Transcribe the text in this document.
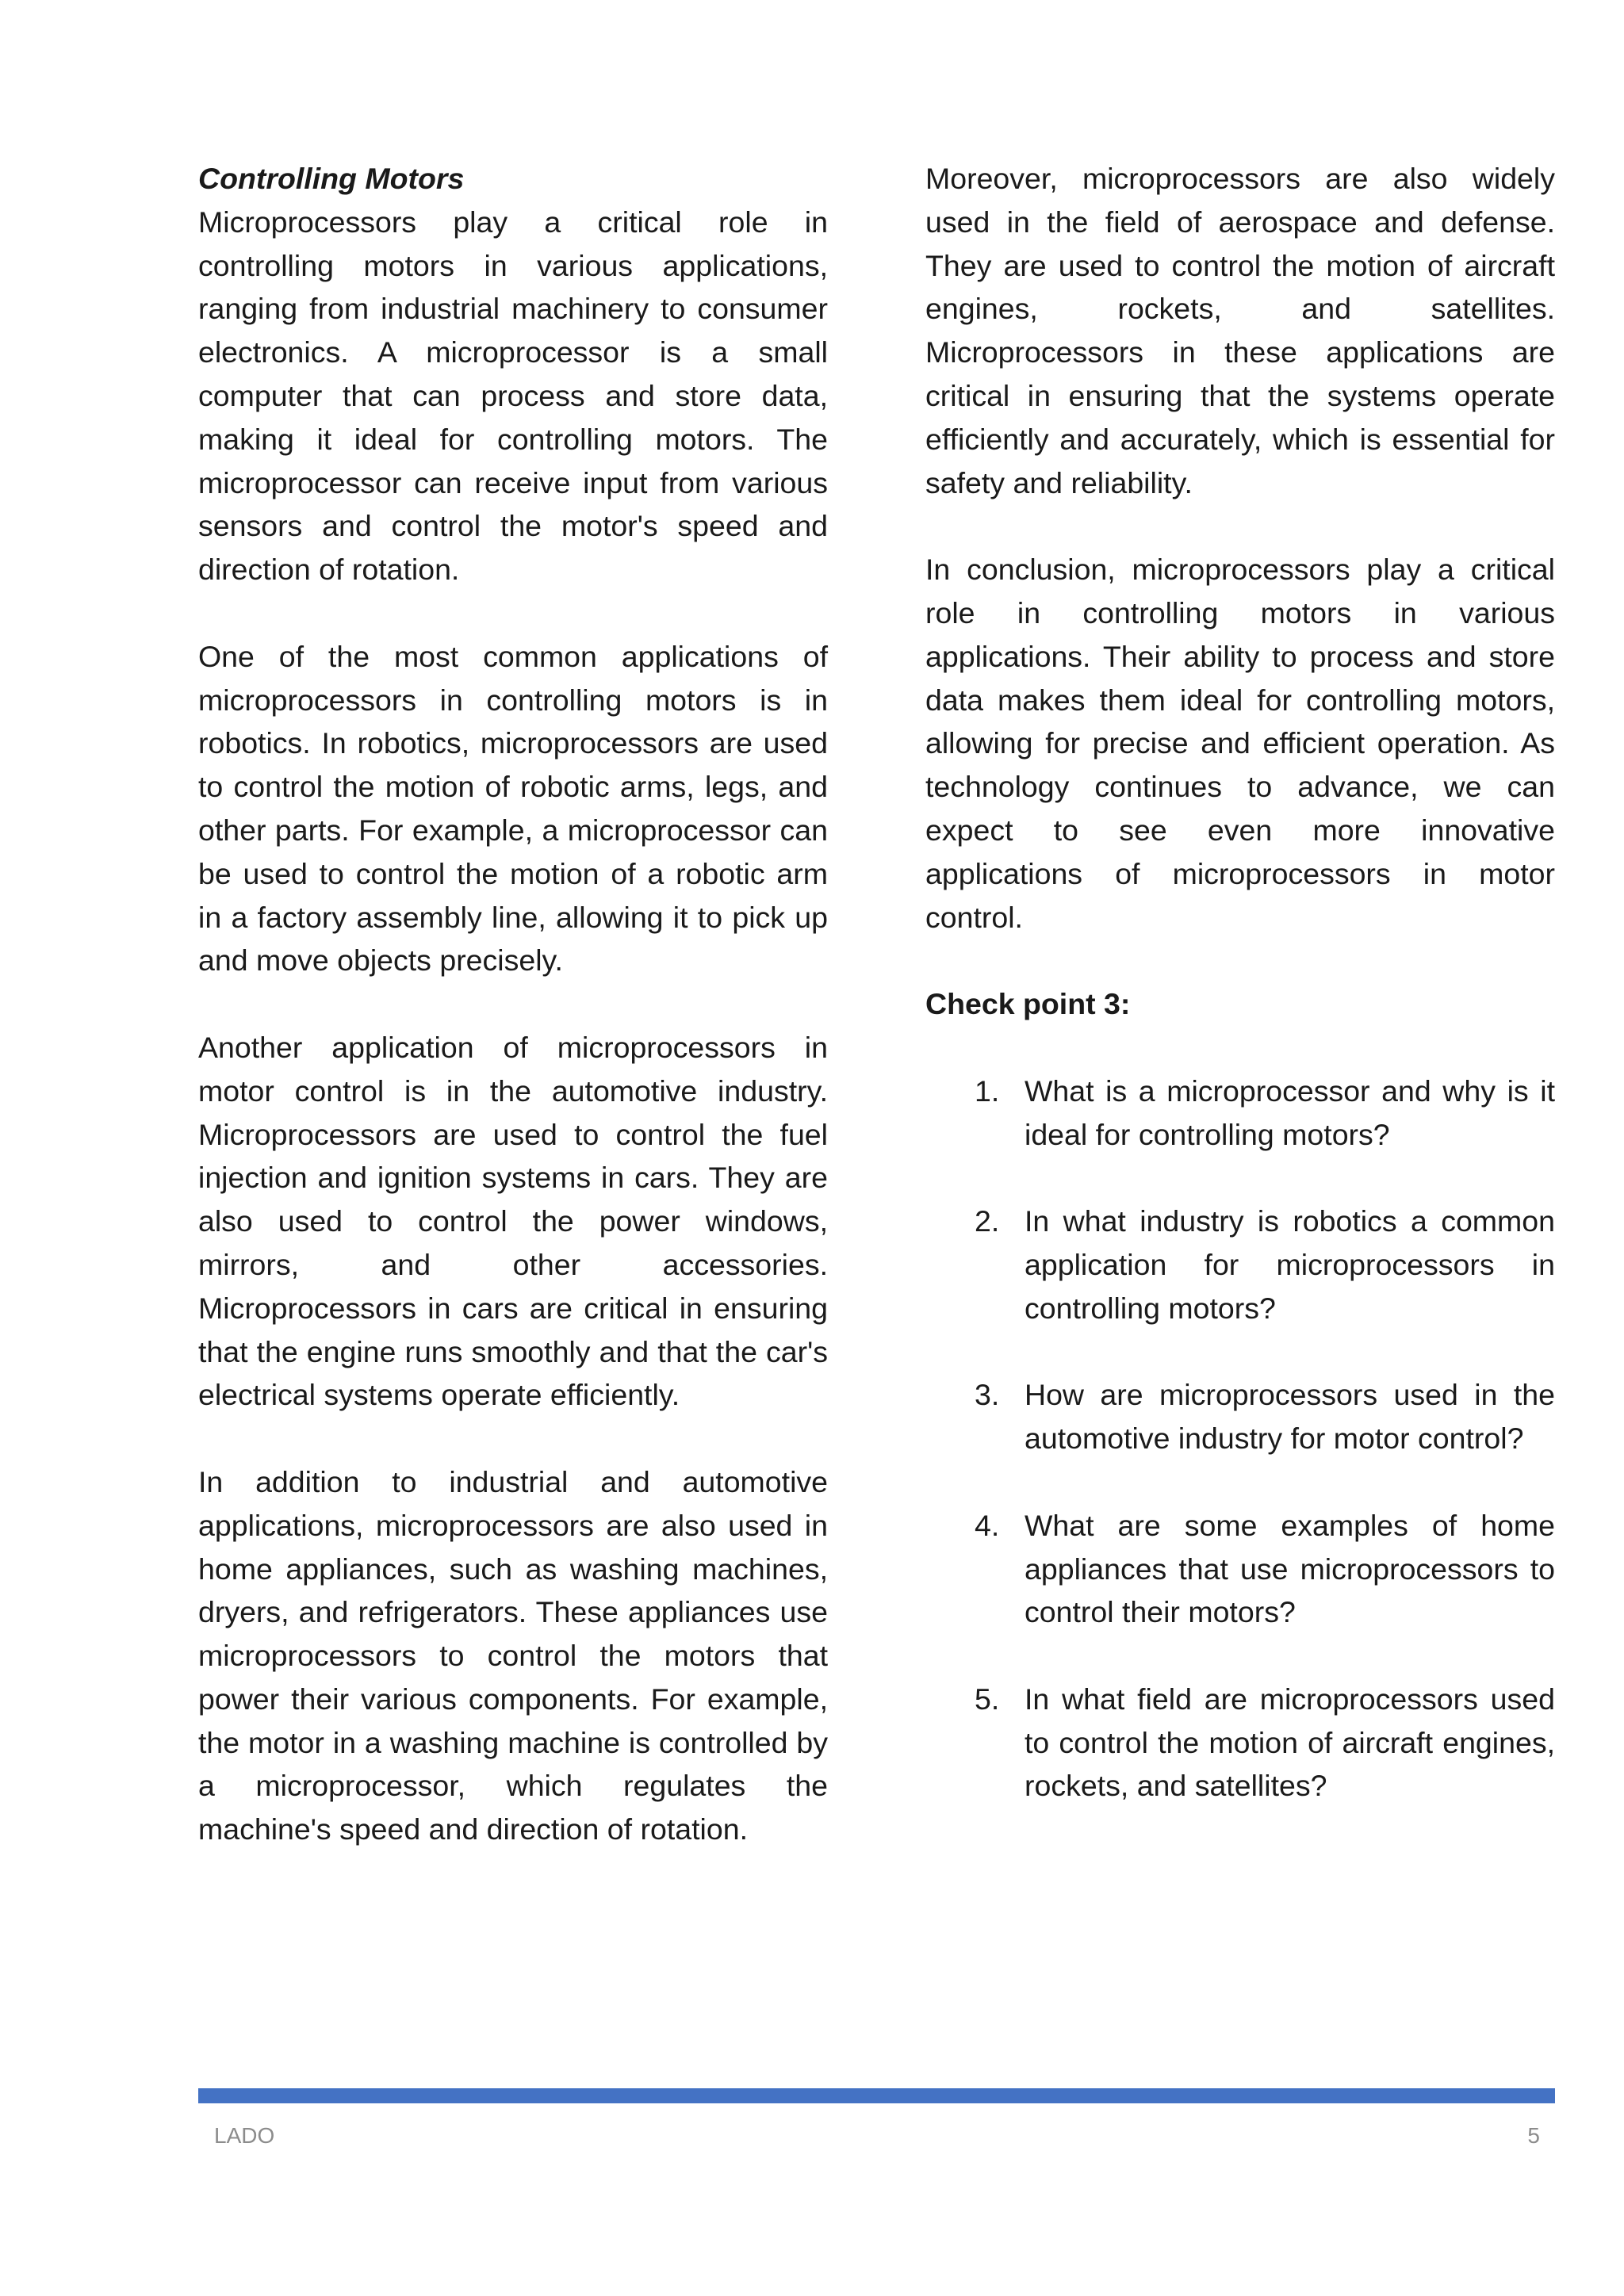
Controlling Motors

Microprocessors play a critical role in controlling motors in various applications, ranging from industrial machinery to consumer electronics. A microprocessor is a small computer that can process and store data, making it ideal for controlling motors. The microprocessor can receive input from various sensors and control the motor's speed and direction of rotation.

One of the most common applications of microprocessors in controlling motors is in robotics. In robotics, microprocessors are used to control the motion of robotic arms, legs, and other parts. For example, a microprocessor can be used to control the motion of a robotic arm in a factory assembly line, allowing it to pick up and move objects precisely.

Another application of microprocessors in motor control is in the automotive industry. Microprocessors are used to control the fuel injection and ignition systems in cars. They are also used to control the power windows, mirrors, and other accessories. Microprocessors in cars are critical in ensuring that the engine runs smoothly and that the car's electrical systems operate efficiently.

In addition to industrial and automotive applications, microprocessors are also used in home appliances, such as washing machines, dryers, and refrigerators. These appliances use microprocessors to control the motors that power their various components. For example, the motor in a washing machine is controlled by a microprocessor, which regulates the machine's speed and direction of rotation.

Moreover, microprocessors are also widely used in the field of aerospace and defense. They are used to control the motion of aircraft engines, rockets, and satellites. Microprocessors in these applications are critical in ensuring that the systems operate efficiently and accurately, which is essential for safety and reliability.

In conclusion, microprocessors play a critical role in controlling motors in various applications. Their ability to process and store data makes them ideal for controlling motors, allowing for precise and efficient operation. As technology continues to advance, we can expect to see even more innovative applications of microprocessors in motor control.

Check point 3:
1. What is a microprocessor and why is it ideal for controlling motors?
2. In what industry is robotics a common application for microprocessors in controlling motors?
3. How are microprocessors used in the automotive industry for motor control?
4. What are some examples of home appliances that use microprocessors to control their motors?
5. In what field are microprocessors used to control the motion of aircraft engines, rockets, and satellites?
LADO	5
